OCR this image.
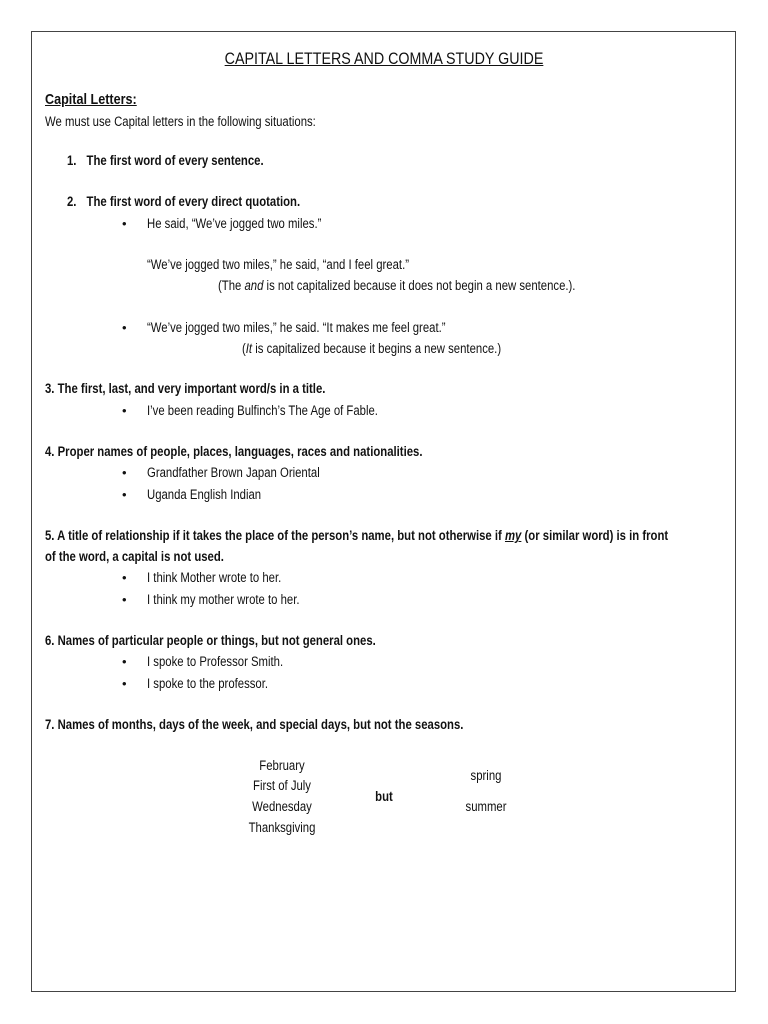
CAPITAL LETTERS AND COMMA STUDY GUIDE
Capital Letters:
We must use Capital letters in the following situations:
1. The first word of every sentence.
2. The first word of every direct quotation.
• He said, “We’ve jogged two miles.”
“We’ve jogged two miles,” he said, “and I feel great.”
(The and is not capitalized because it does not begin a new sentence.).
• “We’ve jogged two miles,” he said. “It makes me feel great.”
(It is capitalized because it begins a new sentence.)
3. The first, last, and very important word/s in a title.
• I’ve been reading Bulfinch’s The Age of Fable.
4. Proper names of people, places, languages, races and nationalities.
• Grandfather Brown Japan Oriental
• Uganda English Indian
5. A title of relationship if it takes the place of the person’s name, but not otherwise if my (or similar word) is in front
of the word, a capital is not used.
• I think Mother wrote to her.
• I think my mother wrote to her.
6. Names of particular people or things, but not general ones.
• I spoke to Professor Smith.
• I spoke to the professor.
7. Names of months, days of the week, and special days, but not the seasons.
February
First of July
Wednesday
Thanksgiving
but
spring
summer
